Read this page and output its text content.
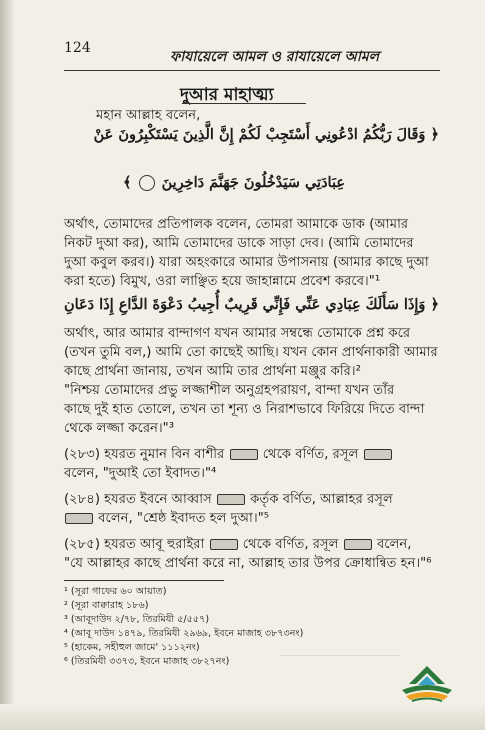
124
ফাযায়েলে আমল ও রাযায়েলে আমল
দুআর মাহাত্ম্য
মহান আল্লাহ বলেন,
﴿ وَقَالَ رَبُّكُمُ ادْعُونِي أَسْتَجِبْ لَكُمْ إِنَّ الَّذِينَ يَسْتَكْبِرُونَ عَنْ
عِبَادَتِي سَيَدْخُلُونَ جَهَنَّمَ دَاخِرِينَ  ﴾
অর্থাৎ, তোমাদের প্রতিপালক বলেন, তোমরা আমাকে ডাক (আমার
নিকট দুআ কর), আমি তোমাদের ডাকে সাড়া দেব। (আমি তোমাদের
দুআ কবুল করব।) যারা অহংকারে আমার উপাসনায় (আমার কাছে দুআ
করা হতে) বিমুখ, ওরা লাঞ্ছিত হয়ে জাহান্নামে প্রবেশ করবে।"¹
﴿ وَإِذَا سَأَلَكَ عِبَادِي عَنِّي فَإِنِّي قَرِيبٌ أُجِيبُ دَعْوَةَ الدَّاعِ إِذَا دَعَانِ
অর্থাৎ, আর আমার বান্দাগণ যখন আমার সম্বন্ধে তোমাকে প্রশ্ন করে
(তখন তুমি বল,) আমি তো কাছেই আছি। যখন কোন প্রার্থনাকারী আমার
কাছে প্রার্থনা জানায়, তখন আমি তার প্রার্থনা মঞ্জুর করি।²
"নিশ্চয় তোমাদের প্রভু লজ্জাশীল অনুগ্রহপরায়ণ, বান্দা যখন তাঁর
কাছে দুই হাত তোলে, তখন তা শূন্য ও নিরাশভাবে ফিরিয়ে দিতে বান্দা
থেকে লজ্জা করেন।"³
(২৮৩) হযরত নুমান বিন বাশীর  থেকে বর্ণিত, রসূল
বলেন, "দুআই তো ইবাদত।"⁴
(২৮৪) হযরত ইবনে আব্বাস  কর্তৃক বর্ণিত, আল্লাহর রসূল
বলেন, "শ্রেষ্ঠ ইবাদত হল দুআ।"⁵
(২৮৫) হযরত আবূ হুরাইরা  থেকে বর্ণিত, রসূল  বলেন,
"যে আল্লাহর কাছে প্রার্থনা করে না, আল্লাহ তার উপর ক্রোধান্বিত হন।"⁶
¹ (সূরা গাফের ৬০ আয়াত)
² (সূরা বাক্বারাহ ১৮৬)
³ (আবূদাউদ ২/৭৮, তিরমিযী ৫/৫৫৭)
⁴ (আবূ দাউদ ১৪৭৯, তিরমিযী ২৯৬৯, ইবনে মাজাহ ৩৮৭৩নং)
⁵ (হাকেম, সহীহুল জামে' ১১১২নং)
⁶ (তিরমিযী ৩৩৭৩, ইবনে মাজাহ ৩৮২৭নং)
